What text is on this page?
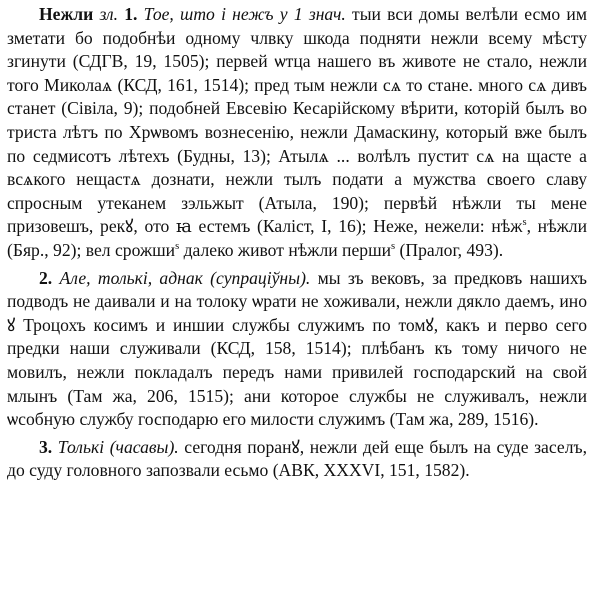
Нежли зл. 1. Тое, што і нежъ у 1 знач. тыи вси домы велѣли есмо им зметати бо подобнѣи одному члвку шкода подняти нежли всему мѣсту згинути (СДГВ, 19, 1505); первей ѡтца нашего въ животе не стало, нежли того Миколаѧ (КСД, 161, 1514); пред тым нежли сѧ то стане. много сѧ дивъ станет (Сівіла, 9); подобней Евсевію Кесарійскому вѣрити, которій былъ во триста лѣтъ по Хрѡвомъ вознесенію, нежли Дамаскину, который вже былъ по седмисотъ лѣтехъ (Будны, 13); Атылѧ ... волѣлъ пустит сѧ на щасте а всѧкого нещастѧ дознати, нежли тылъ подати а мужства своего славу спросным утеканем зэльжыт (Атыла, 190); первѣй нѣжли ты мене призовешъ, рекꙋ, ото ꙗ естемъ (Каліст, I, 16); Неже, нежели: нѣж$^s$, нѣжли (Бяр., 92); вел срожши$^s$ далеко живот нѣжли перши$^s$ (Пралог, 493).

2. Але, толькі, аднак (супрацiўны). мы зъ вековъ, за предковъ нашихъ подводъ не даивали и на толоку ѡрати не хоживали, нежли дякло даемъ, ино ꙋ Троцохъ косимъ и иншии службы служимъ по томꙋ, какъ и перво сего предки наши служивали (КСД, 158, 1514); плѣбанъ къ тому ничого не мовилъ, нежли покладалъ передъ нами привилей господарский на свой млынъ (Там жа, 206, 1515); ани которое службы не служивалъ, нежли ѡсобную службу господарю его милости служимъ (Там жа, 289, 1516).

3. Толькі (часавы). сегодня поранꙋ, нежли дей еще былъ на суде заселъ, до суду головного запозвали есьмо (АВК, XXXVI, 151, 1582).
